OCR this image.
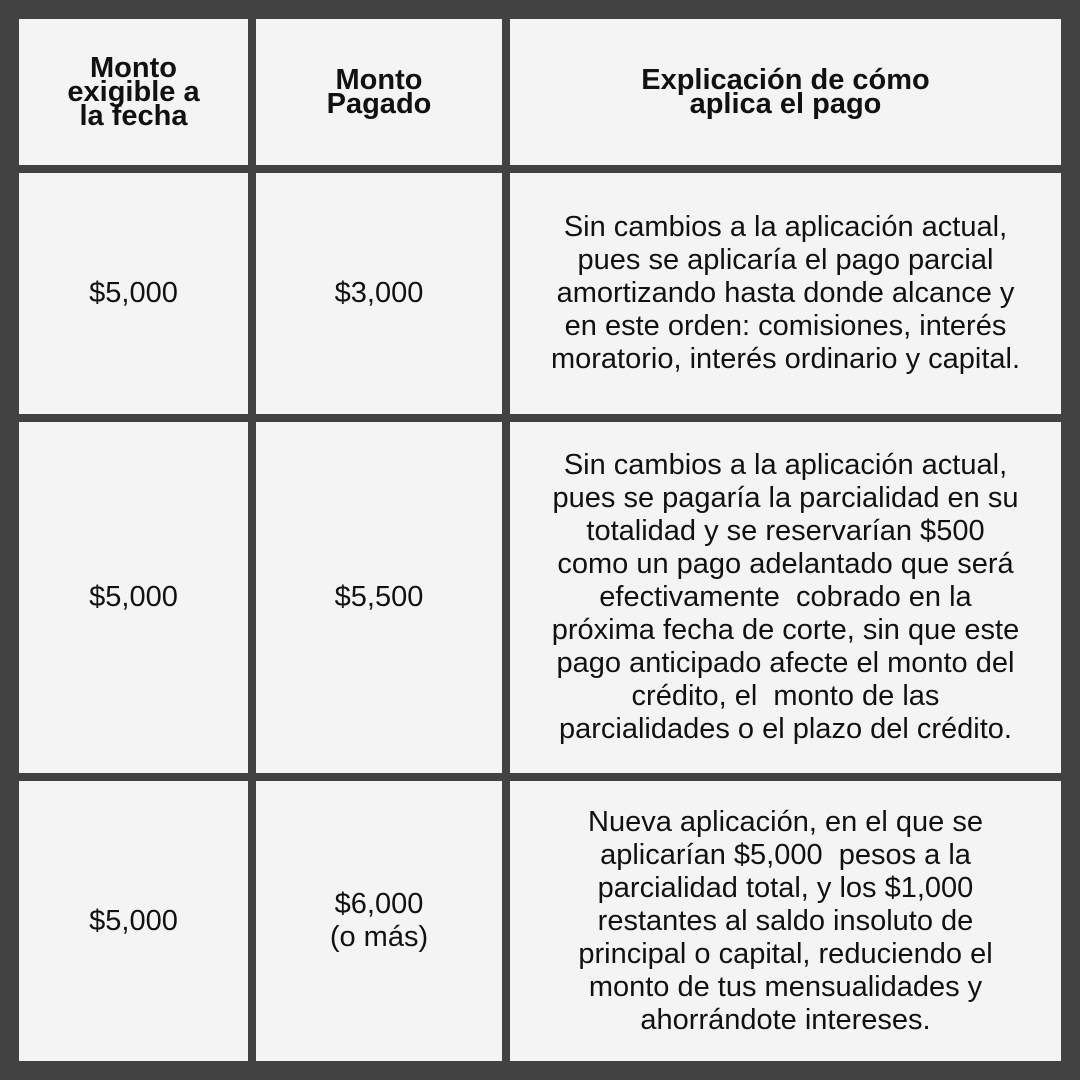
Monto
exigible a
la fecha
Monto
Pagado
Explicación de cómo
aplica el pago
$5,000	$3,000
Sin cambios a la aplicación actual,
pues se aplicaría el pago parcial
amortizando hasta donde alcance y
en este orden: comisiones, interés
moratorio, interés ordinario y capital.
$5,000	$5,500
Sin cambios a la aplicación actual,
pues se pagaría la parcialidad en su
totalidad y se reservarían $500
como un pago adelantado que será
efectivamente  cobrado en la
próxima fecha de corte, sin que este
pago anticipado afecte el monto del
crédito, el  monto de las
parcialidades o el plazo del crédito.
$5,000
$6,000
(o más)
Nueva aplicación, en el que se
aplicarían $5,000  pesos a la
parcialidad total, y los $1,000
restantes al saldo insoluto de
principal o capital, reduciendo el
monto de tus mensualidades y
ahorrándote intereses.
